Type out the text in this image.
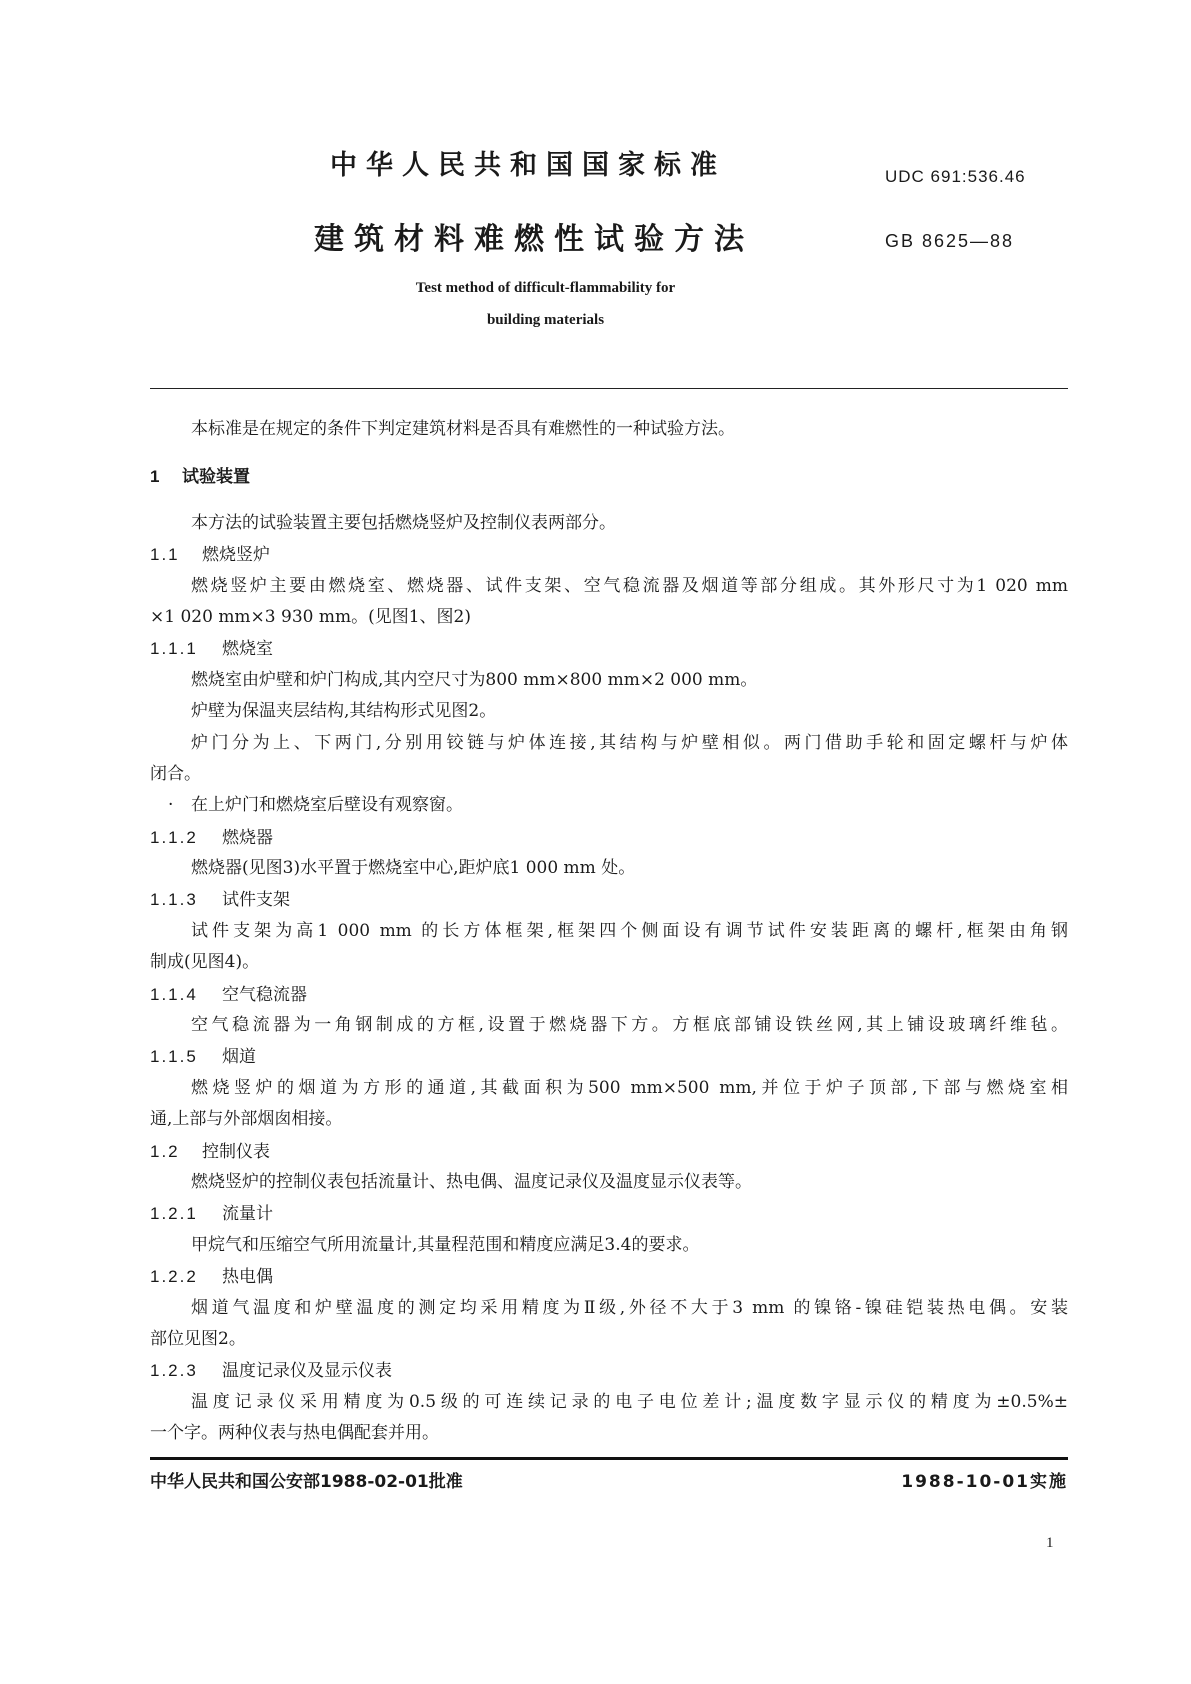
中华人民共和国国家标准	UDC 691:536.46
建筑材料难燃性试验方法	GB 8625—88
Test method of difficult-flammability for
building materials
本标准是在规定的条件下判定建筑材料是否具有难燃性的一种试验方法。
1 试验装置
本方法的试验装置主要包括燃烧竖炉及控制仪表两部分。
1.1 燃烧竖炉
燃烧竖炉主要由燃烧室、燃烧器、试件支架、空气稳流器及烟道等部分组成。其外形尺寸为1 020 mm
×1 020 mm×3 930 mm。(见图1、图2)
1.1.1 燃烧室
燃烧室由炉壁和炉门构成,其内空尺寸为800 mm×800 mm×2 000 mm。
炉壁为保温夹层结构,其结构形式见图2。
炉门分为上、下两门,分别用铰链与炉体连接,其结构与炉壁相似。两门借助手轮和固定螺杆与炉体
闭合。
· 在上炉门和燃烧室后壁设有观察窗。
1.1.2 燃烧器
燃烧器(见图3)水平置于燃烧室中心,距炉底1 000 mm 处。
1.1.3 试件支架
试件支架为高1 000 mm 的长方体框架,框架四个侧面设有调节试件安装距离的螺杆,框架由角钢
制成(见图4)。
1.1.4 空气稳流器
空气稳流器为一角钢制成的方框,设置于燃烧器下方。方框底部铺设铁丝网,其上铺设玻璃纤维毡。
1.1.5 烟道
燃烧竖炉的烟道为方形的通道,其截面积为500 mm×500 mm,并位于炉子顶部,下部与燃烧室相
通,上部与外部烟囱相接。
1.2 控制仪表
燃烧竖炉的控制仪表包括流量计、热电偶、温度记录仪及温度显示仪表等。
1.2.1 流量计
甲烷气和压缩空气所用流量计,其量程范围和精度应满足3.4的要求。
1.2.2 热电偶
烟道气温度和炉壁温度的测定均采用精度为Ⅱ级,外径不大于3 mm 的镍铬-镍硅铠装热电偶。安装
部位见图2。
1.2.3 温度记录仪及显示仪表
温度记录仪采用精度为0.5级的可连续记录的电子电位差计;温度数字显示仪的精度为±0.5%±
一个字。两种仪表与热电偶配套并用。
中华人民共和国公安部1988-02-01批准	1988-10-01实施
1
